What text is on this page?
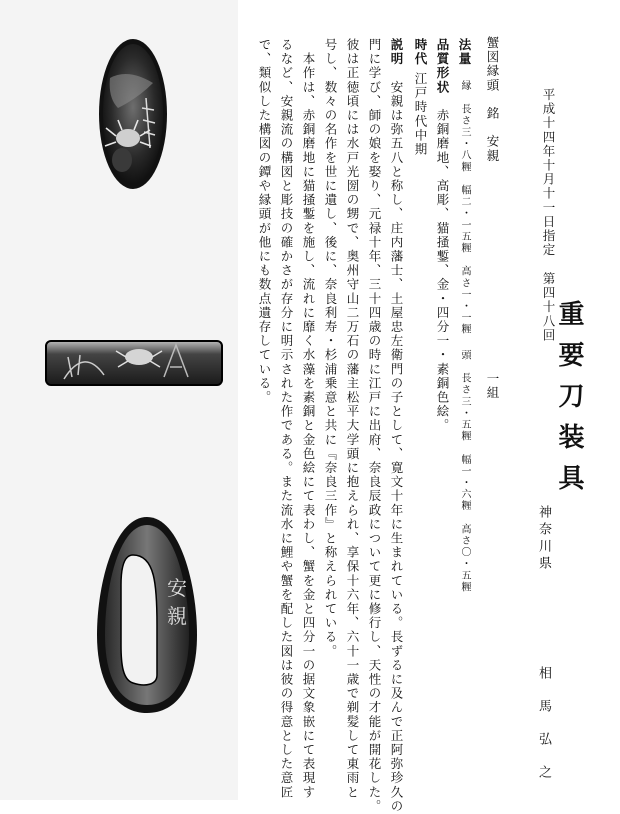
安
親
重要刀装具
神奈川県
相馬弘之
第四十八回
平成十四年十月十一日指定
蟹図縁頭　銘　安親
一組
法量　縁　長さ三・八糎　幅二・一五糎　高さ一・一糎　頭　長さ三・五糎　幅一・六糎　高さ〇・五糎
品質形状　赤銅磨地、高彫、猫掻鏨、金・四分一・素銅色絵。
時代
説明　安親は弥五八と称し、庄内藩士、土屋忠左衛門の子として、寛文十年に生まれている。長ずるに及んで正阿弥珍久の
門に学び、師の娘を娶り、元禄十年、三十四歳の時に江戸に出府、奈良辰政について更に修行し、天性の才能が開花した。
彼は正徳頃には水戸光圀の甥で、奥州守山二万石の藩主松平大学頭に抱えられ、享保十六年、六十一歳で剃髪して東雨と
号し、数々の名作を世に遺し、後に、奈良利寿・杉浦乗意と共に『奈良三作』と称えられている。
　本作は、赤銅磨地に猫掻鏨を施し、流れに靡く水藻を素銅と金色絵にて表わし、蟹を金と四分一の据文象嵌にて表現す
るなど、安親流の構図と彫技の確かさが存分に明示された作である。また流水に鯉や蟹を配した図は彼の得意とした意匠
で、類似した構図の鐔や縁頭が他にも数点遺存している。	江戸時代中期
